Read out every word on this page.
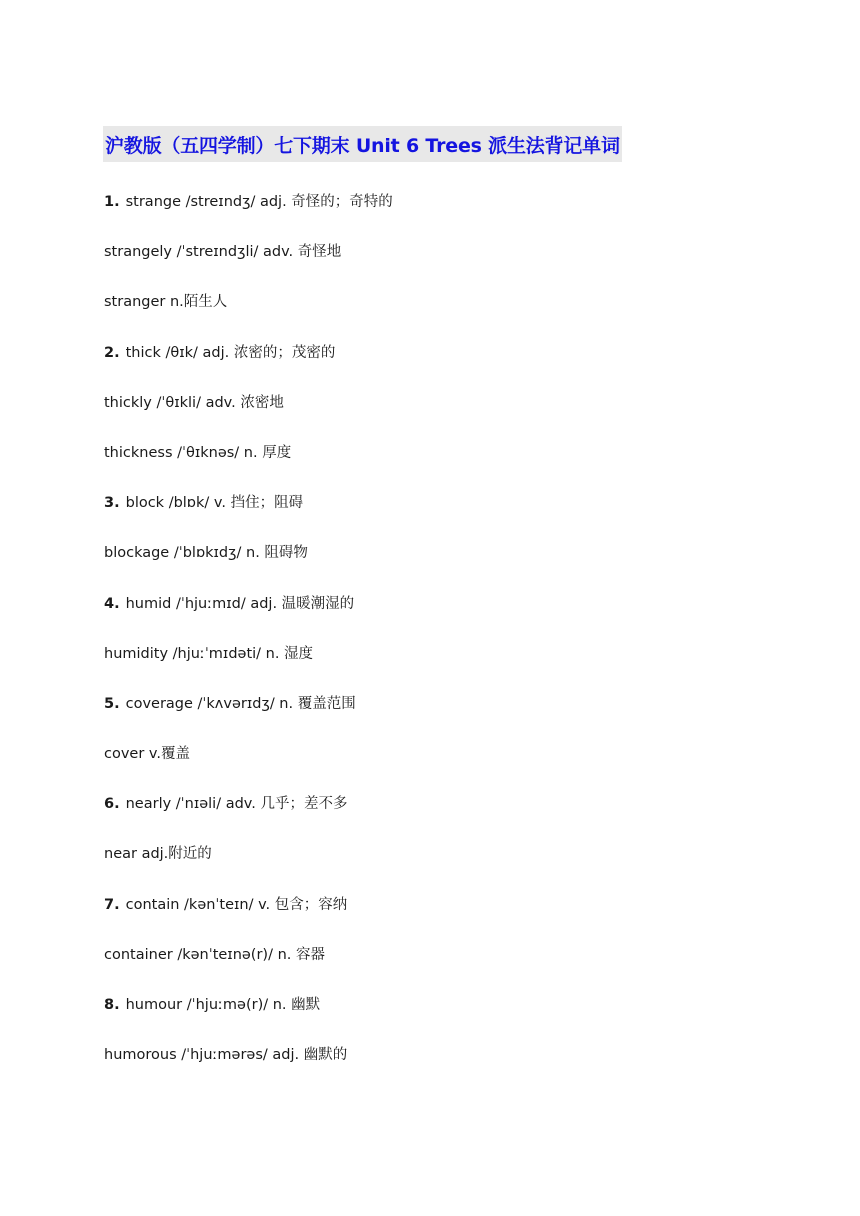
沪教版（五四学制）七下期末 Unit 6 Trees 派生法背记单词
1. strange /streɪndʒ/ adj. 奇怪的；奇特的
strangely /ˈstreɪndʒli/ adv. 奇怪地
stranger n.陌生人
2. thick /θɪk/ adj. 浓密的；茂密的
thickly /ˈθɪkli/ adv. 浓密地
thickness /ˈθɪknəs/ n. 厚度
3. block /blɒk/ v. 挡住；阻碍
blockage /ˈblɒkɪdʒ/ n. 阻碍物
4. humid /ˈhjuːmɪd/ adj. 温暖潮湿的
humidity /hjuːˈmɪdəti/ n. 湿度
5. coverage /ˈkʌvərɪdʒ/ n. 覆盖范围
cover v.覆盖
6. nearly /ˈnɪəli/ adv. 几乎；差不多
near adj.附近的
7. contain /kənˈteɪn/ v. 包含；容纳
container /kənˈteɪnə(r)/ n. 容器
8. humour /ˈhjuːmə(r)/ n. 幽默
humorous /ˈhjuːmərəs/ adj. 幽默的
